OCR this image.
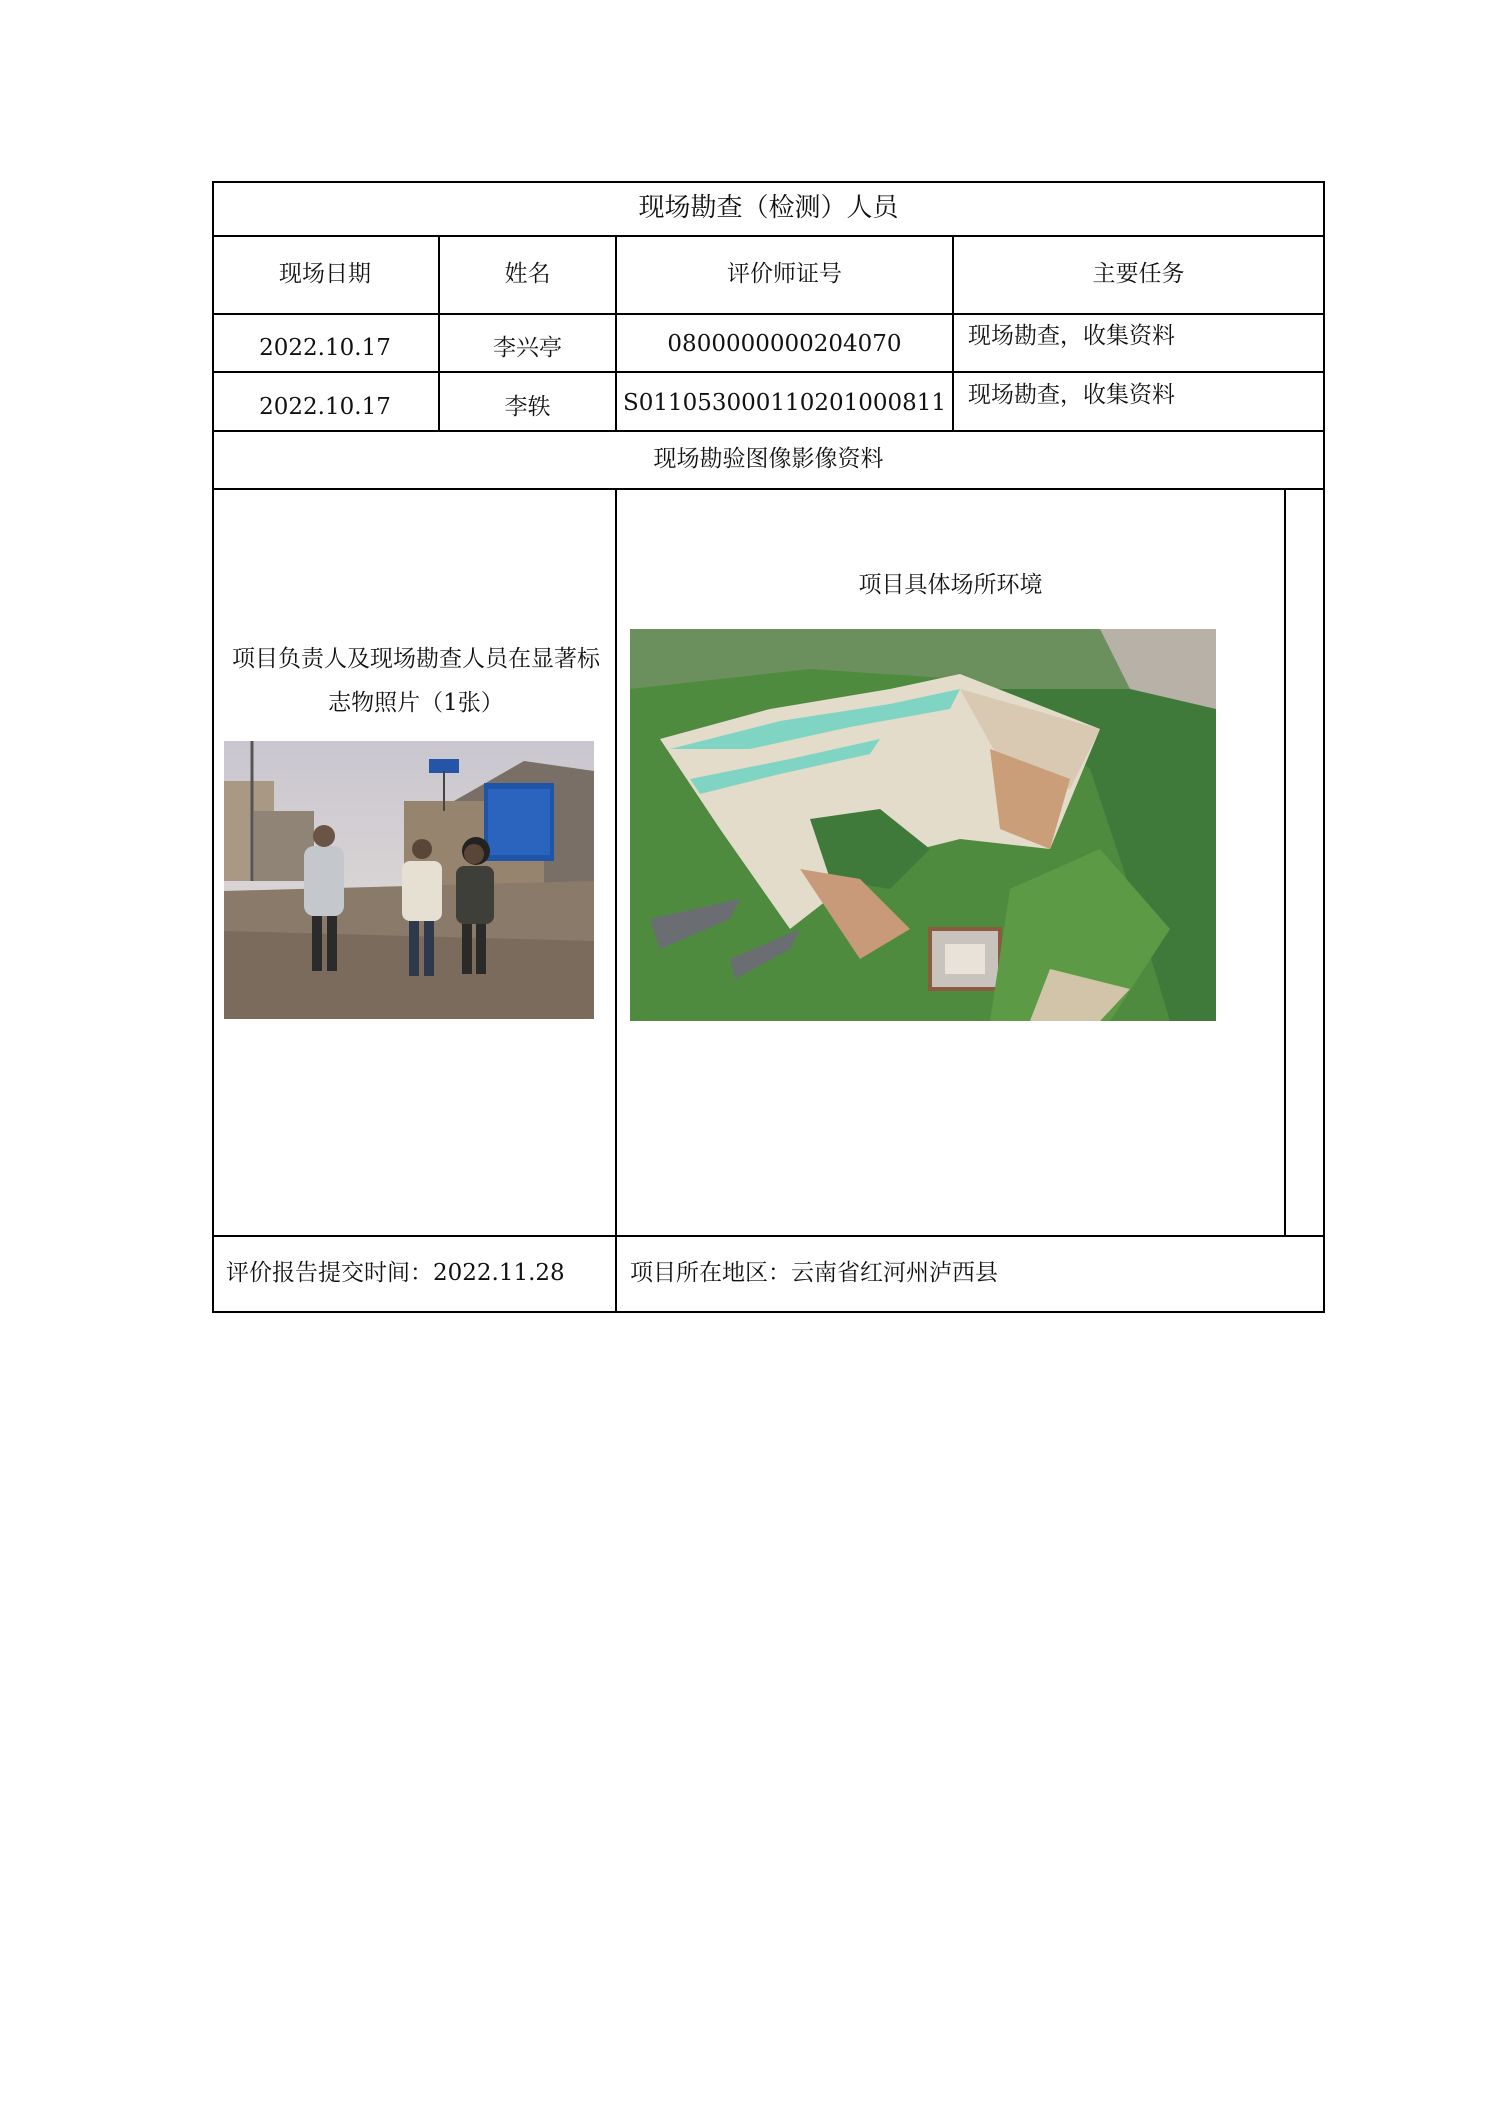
现场勘查（检测）人员
现场日期	姓名	评价师证号	主要任务
2022.10.17	李兴亭	0800000000204070	现场勘查，收集资料
2022.10.17	李轶	S011053000110201000811 现场勘查，收集资料
现场勘验图像影像资料
项目负责人及现场勘查人员在显著标志物照片（1张）
项目具体场所环境
评价报告提交时间：2022.11.28	项目所在地区：云南省红河州泸西县
